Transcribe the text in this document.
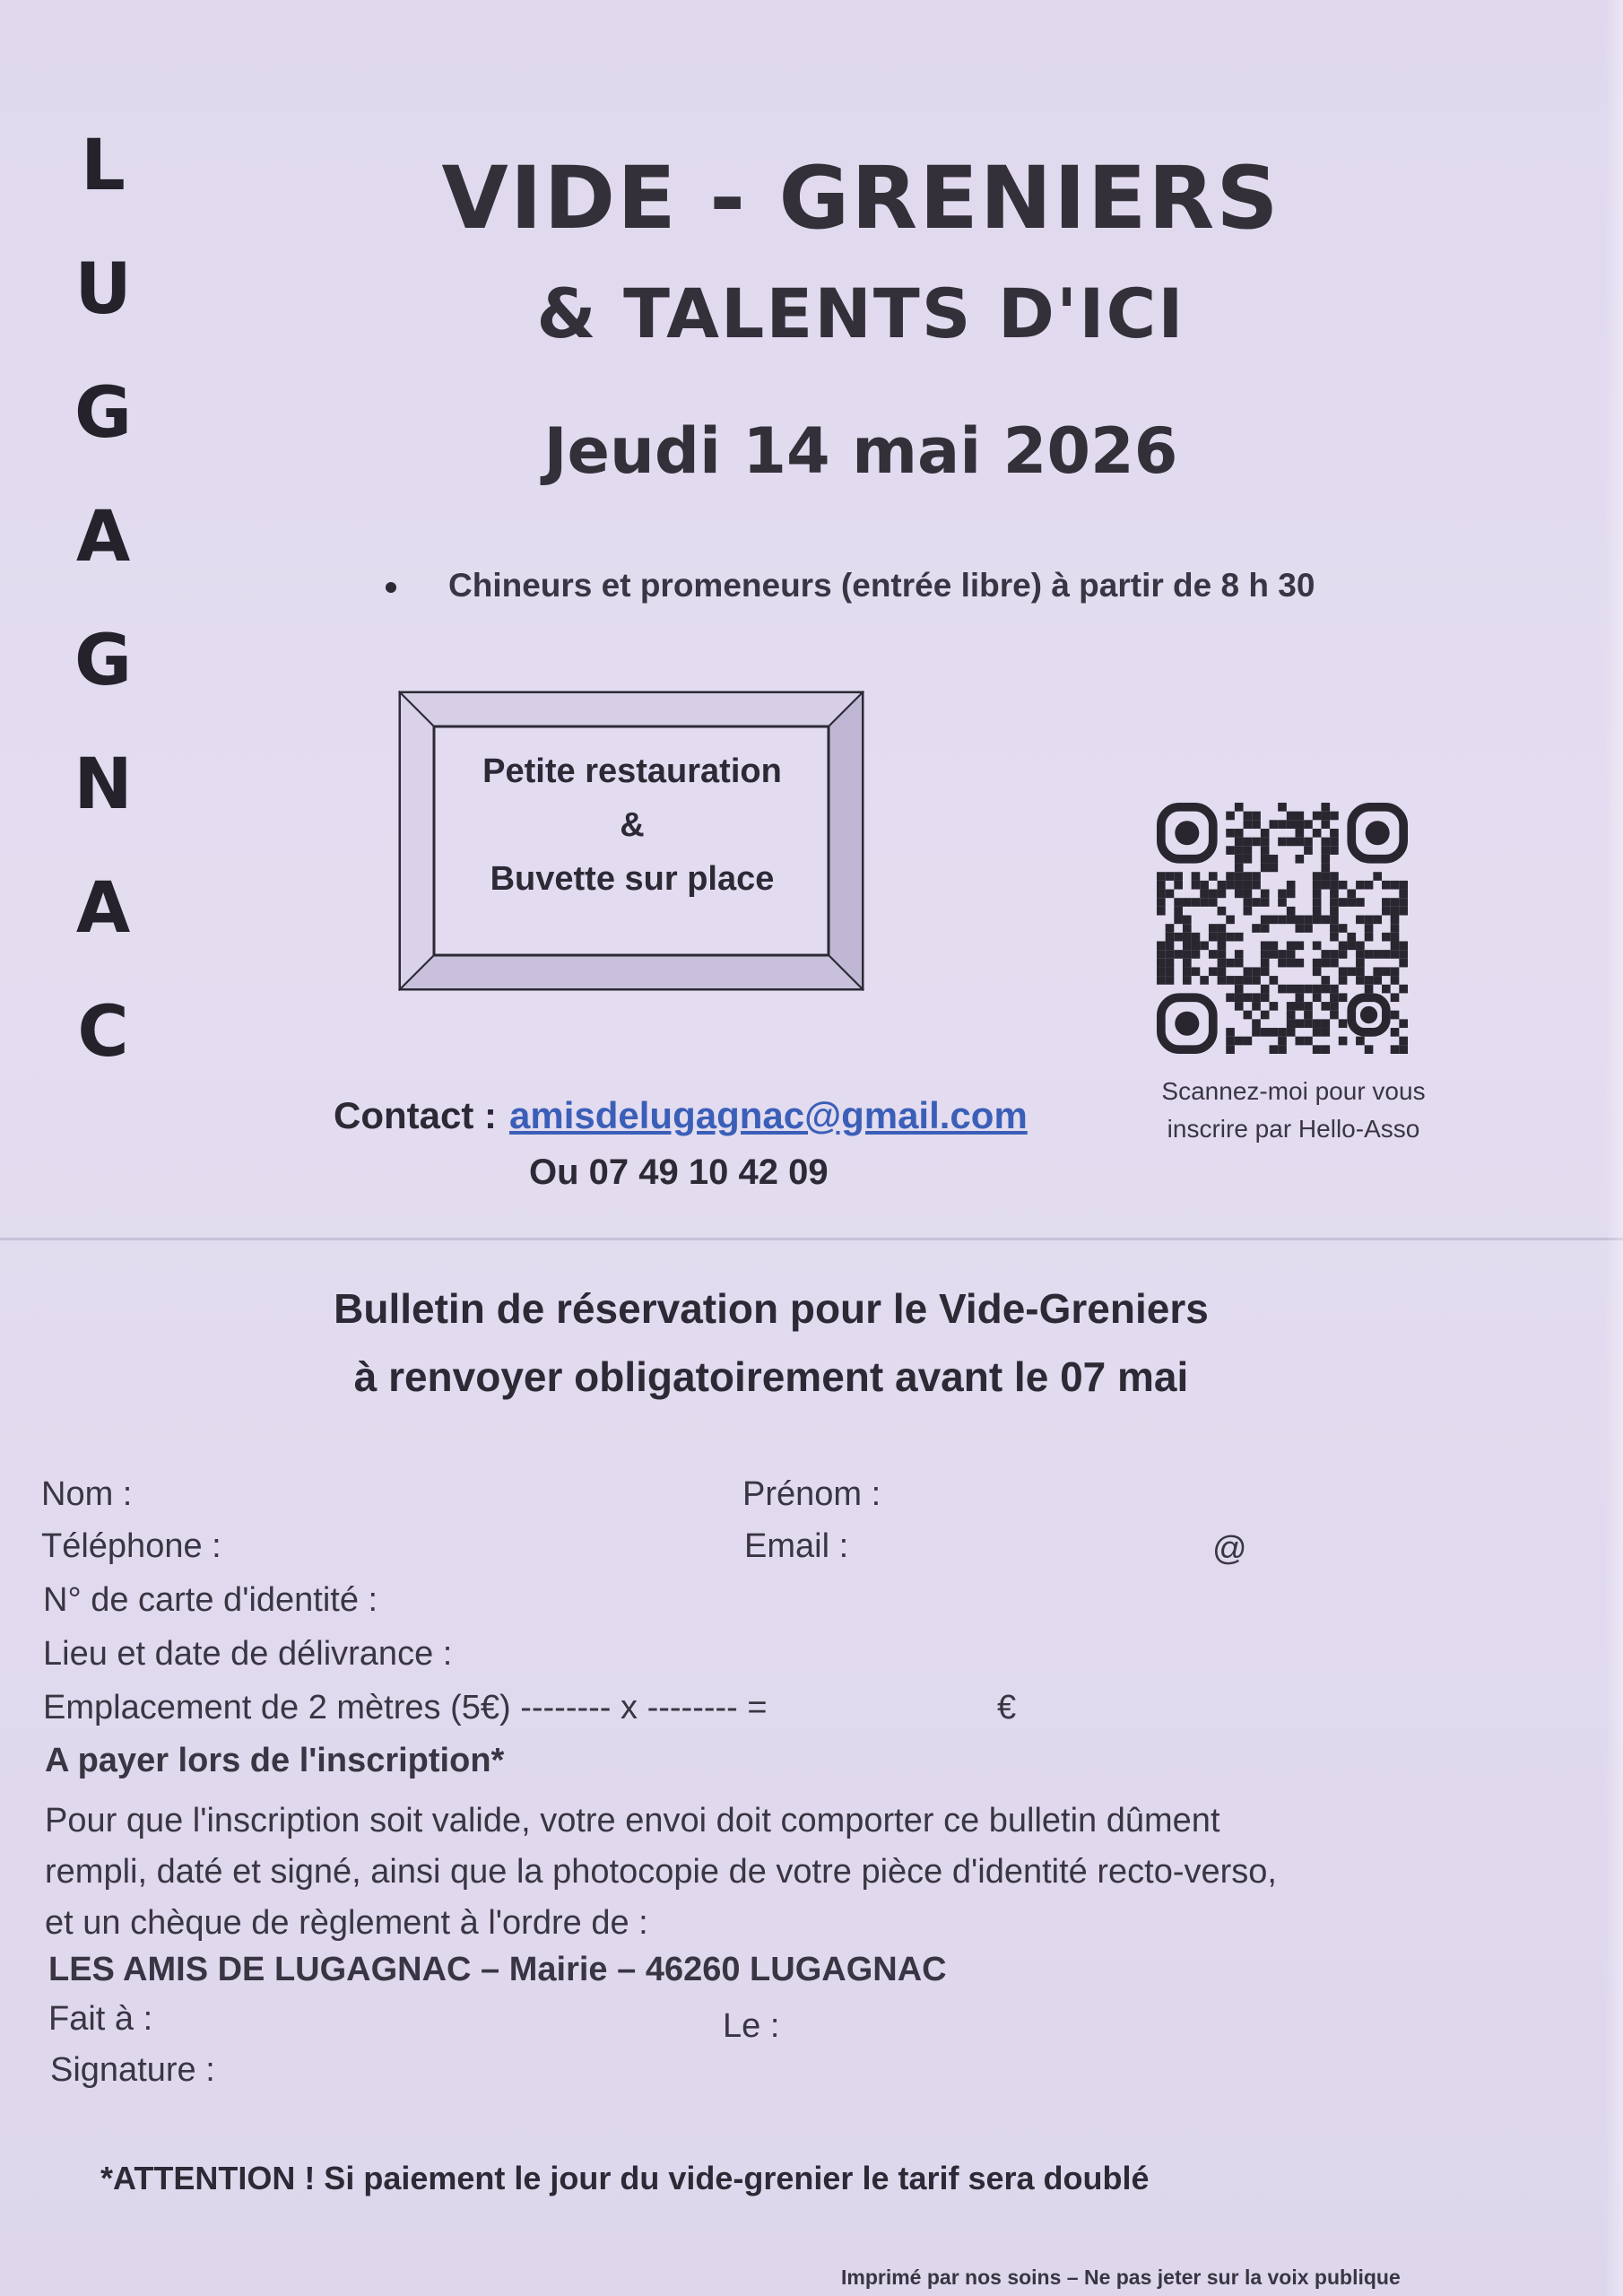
L
U
G
A
G
N
A
C
VIDE - GRENIERS
& TALENTS D'ICI
Jeudi 14 mai 2026
Chineurs et promeneurs (entrée libre) à partir de 8 h 30
Petite restauration
&
Buvette sur place
Scannez-moi pour vous
inscrire par Hello-Asso
Contact : amisdelugagnac@gmail.com
Ou 07 49 10 42 09
Bulletin de réservation pour le Vide-Greniers
à renvoyer obligatoirement avant le 07 mai
Nom :	Prénom :
Téléphone :	Email :	@
N° de carte d'identité :
Lieu et date de délivrance :
Emplacement de 2 mètres (5€) -------- x -------- =	€
A payer lors de l'inscription*
Pour que l'inscription soit valide, votre envoi doit comporter ce bulletin dûment
rempli, daté et signé, ainsi que la photocopie de votre pièce d'identité recto-verso,
et un chèque de règlement à l'ordre de :
LES AMIS DE LUGAGNAC – Mairie – 46260 LUGAGNAC
Fait à :	Le :
Signature :
*ATTENTION ! Si paiement le jour du vide-grenier le tarif sera doublé
Imprimé par nos soins – Ne pas jeter sur la voix publique
